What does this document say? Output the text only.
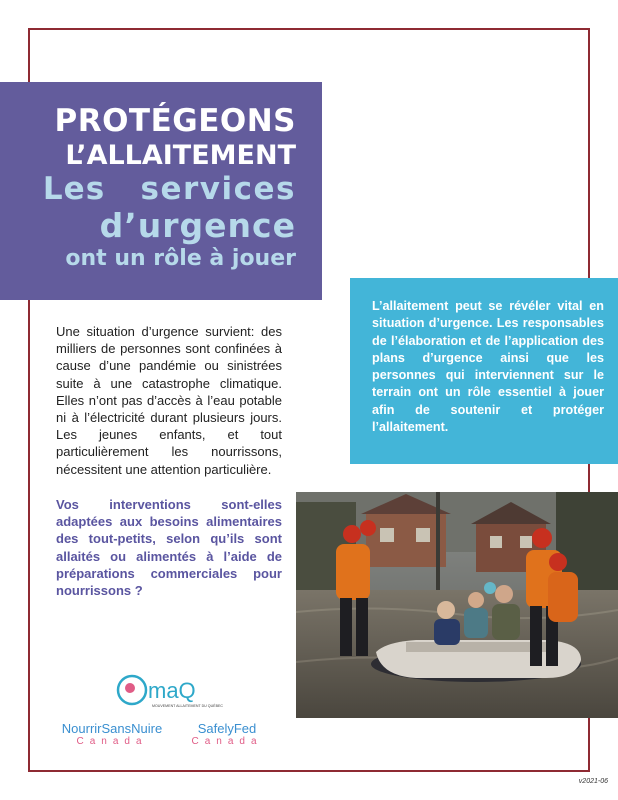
PROTÉGEONS
L’ALLAITEMENT
Les services
d’urgence
ont un rôle à jouer
L’allaitement peut se révéler vital en situation d’urgence. Les responsables de l’élaboration et de l’application des plans d’urgence ainsi que les personnes qui interviennent sur le terrain ont un rôle essentiel à jouer afin de soutenir et protéger l’allaitement.
Une situation d’urgence survient: des milliers de personnes sont confinées à cause d’une pandémie ou sinistrées suite à une catastrophe climatique. Elles n’ont pas d’accès à l’eau potable ni à l’électricité durant plusieurs jours. Les jeunes enfants, et tout particulièrement les nourrissons, nécessitent une attention particulière.
Vos interventions sont-elles adaptées aux besoins alimentaires des tout-petits, selon qu’ils sont allaités ou alimentés à l’aide de préparations commerciales pour nourrissons ?
maQ
MOUVEMENT ALLAITEMENT DU QUÉBEC
NourrirSansNuire
Canada
SafelyFed
Canada
v2021-06
